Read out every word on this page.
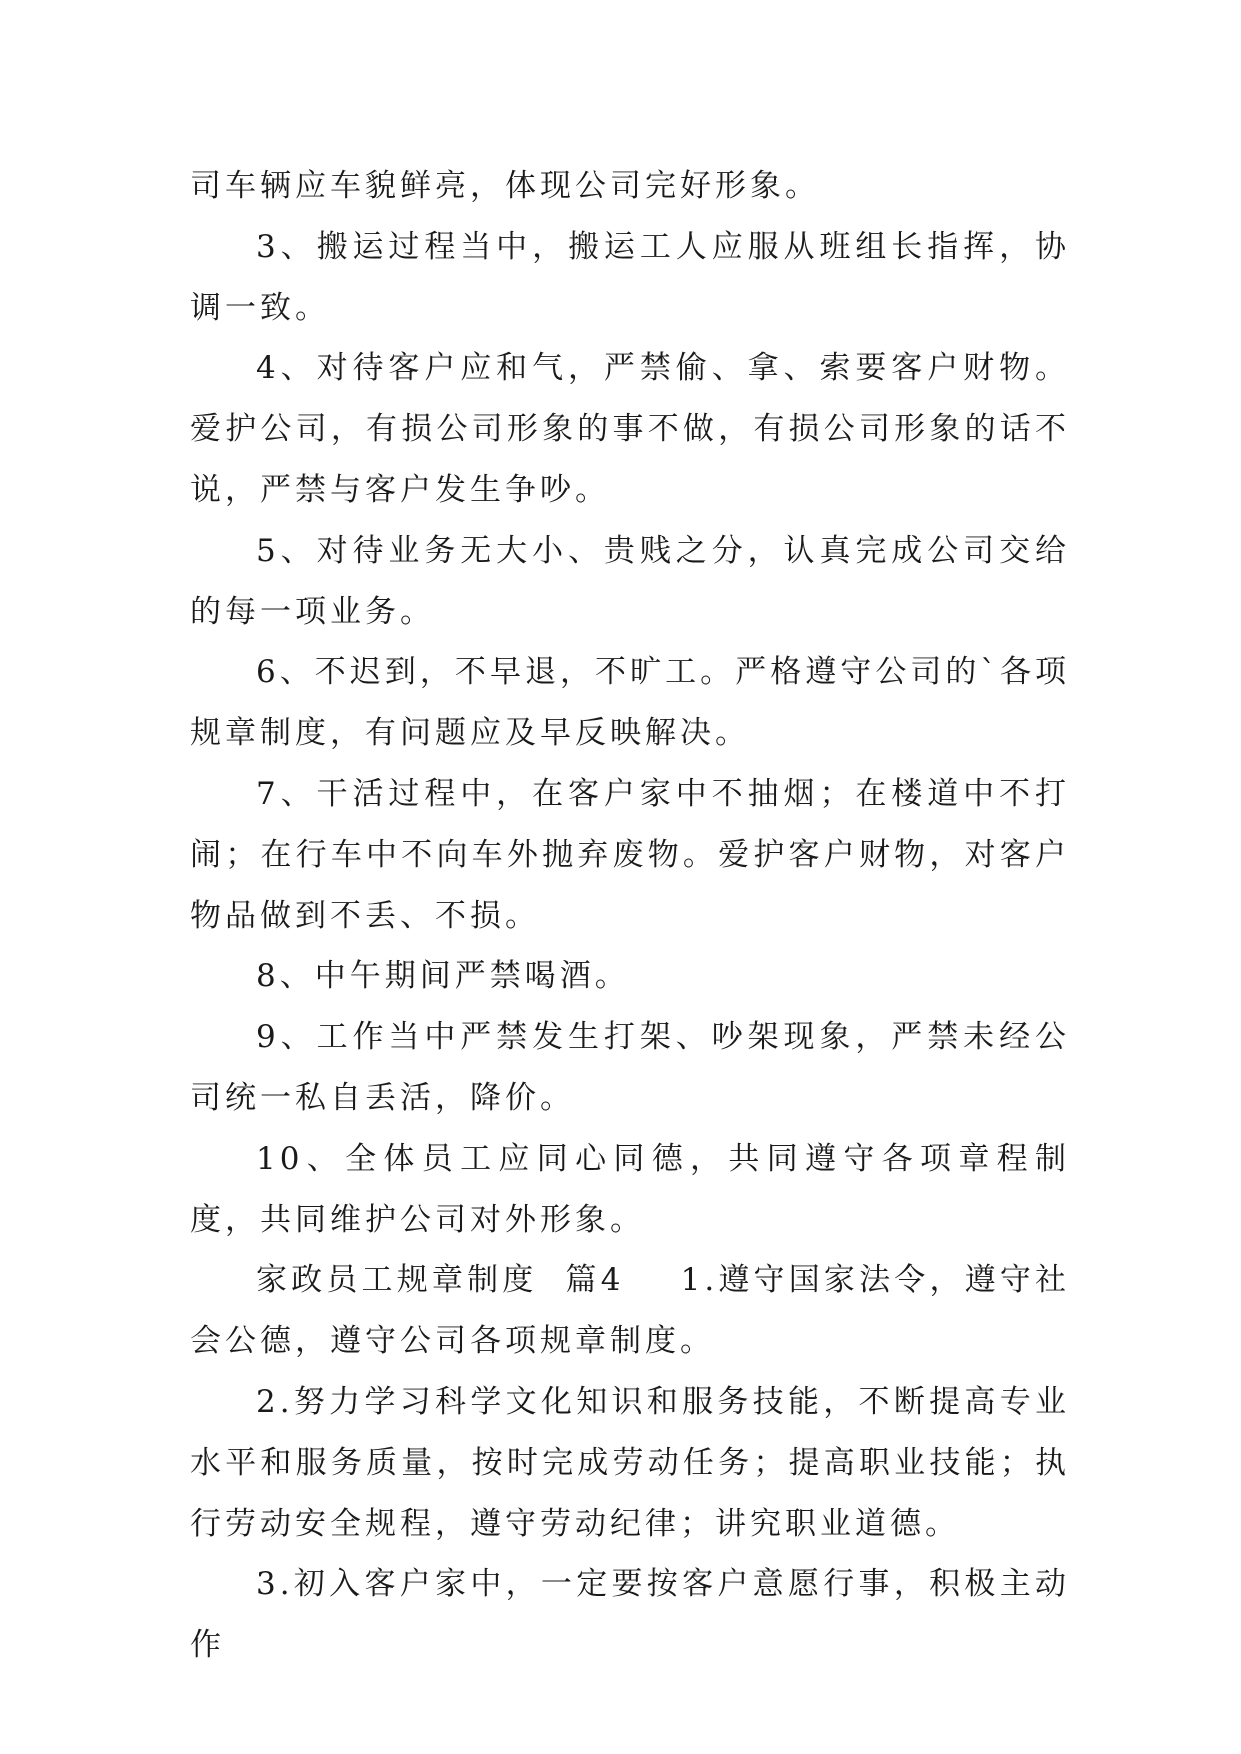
司车辆应车貌鲜亮，体现公司完好形象。

3、搬运过程当中，搬运工人应服从班组长指挥，协调一致。

4、对待客户应和气，严禁偷、拿、索要客户财物。爱护公司，有损公司形象的事不做，有损公司形象的话不说，严禁与客户发生争吵。

5、对待业务无大小、贵贱之分，认真完成公司交给的每一项业务。

6、不迟到，不早退，不旷工。严格遵守公司的`各项规章制度，有问题应及早反映解决。

7、干活过程中，在客户家中不抽烟；在楼道中不打闹；在行车中不向车外抛弃废物。爱护客户财物，对客户物品做到不丢、不损。

8、中午期间严禁喝酒。

9、工作当中严禁发生打架、吵架现象，严禁未经公司统一私自丢活，降价。

10、全体员工应同心同德，共同遵守各项章程制度，共同维护公司对外形象。

家政员工规章制度  篇4 1.遵守国家法令，遵守社会公德，遵守公司各项规章制度。

2.努力学习科学文化知识和服务技能，不断提高专业水平和服务质量，按时完成劳动任务；提高职业技能；执行劳动安全规程，遵守劳动纪律；讲究职业道德。

3.初入客户家中，一定要按客户意愿行事，积极主动作
